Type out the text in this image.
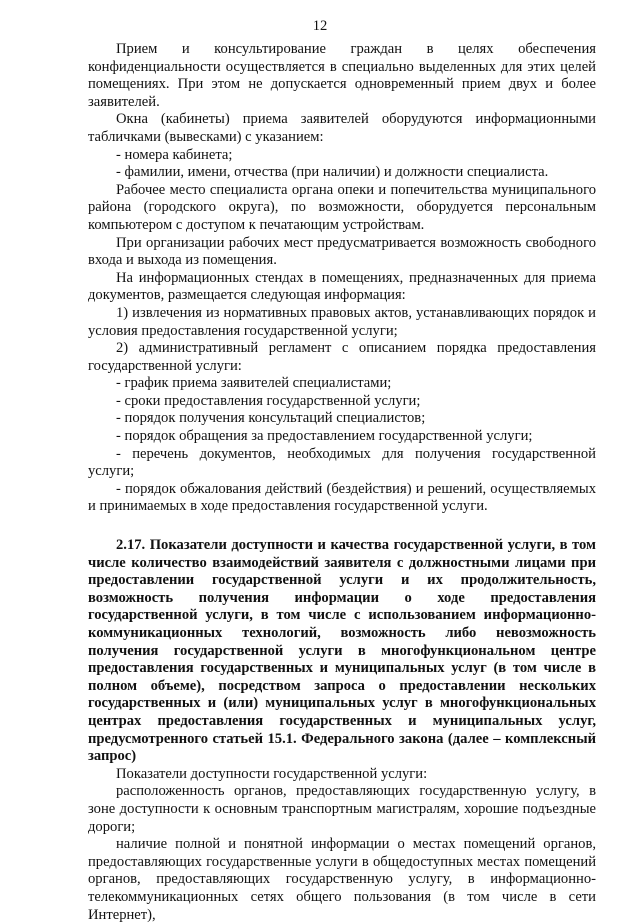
12

Прием и консультирование граждан в целях обеспечения конфиденциальности осуществляется в специально выделенных для этих целей помещениях. При этом не допускается одновременный прием двух и более заявителей.

Окна (кабинеты) приема заявителей оборудуются информационными табличками (вывесками) с указанием:

- номера кабинета;

- фамилии, имени, отчества (при наличии) и должности специалиста.

Рабочее место специалиста органа опеки и попечительства муниципального района (городского округа), по возможности, оборудуется персональным компьютером с доступом к печатающим устройствам.

При организации рабочих мест предусматривается возможность свободного входа и выхода из помещения.

На информационных стендах в помещениях, предназначенных для приема документов, размещается следующая информация:

1) извлечения из нормативных правовых актов, устанавливающих порядок и условия предоставления государственной услуги;

2) административный регламент с описанием порядка предоставления государственной услуги:

- график приема заявителей специалистами;

- сроки предоставления государственной услуги;

- порядок получения консультаций специалистов;

- порядок обращения за предоставлением государственной услуги;

- перечень документов, необходимых для получения государственной услуги;

- порядок обжалования действий (бездействия) и решений, осуществляемых и принимаемых в ходе предоставления государственной услуги.

2.17. Показатели доступности и качества государственной услуги, в том числе количество взаимодействий заявителя с должностными лицами при предоставлении государственной услуги и их продолжительность, возможность получения информации о ходе предоставления государственной услуги, в том числе с использованием информационно-коммуникационных технологий, возможность либо невозможность получения государственной услуги в многофункциональном центре предоставления государственных и муниципальных услуг (в том числе в полном объеме), посредством запроса о предоставлении нескольких государственных и (или) муниципальных услуг в многофункциональных центрах предоставления государственных и муниципальных услуг, предусмотренного статьей 15.1. Федерального закона (далее – комплексный запрос)

Показатели доступности государственной услуги:

расположенность органов, предоставляющих государственную услугу, в зоне доступности к основным транспортным магистралям, хорошие подъездные дороги;

наличие полной и понятной информации о местах помещений органов, предоставляющих государственные услуги в общедоступных местах помещений органов, предоставляющих государственную услугу, в информационно-телекоммуникационных сетях общего пользования (в том числе в сети Интернет),
